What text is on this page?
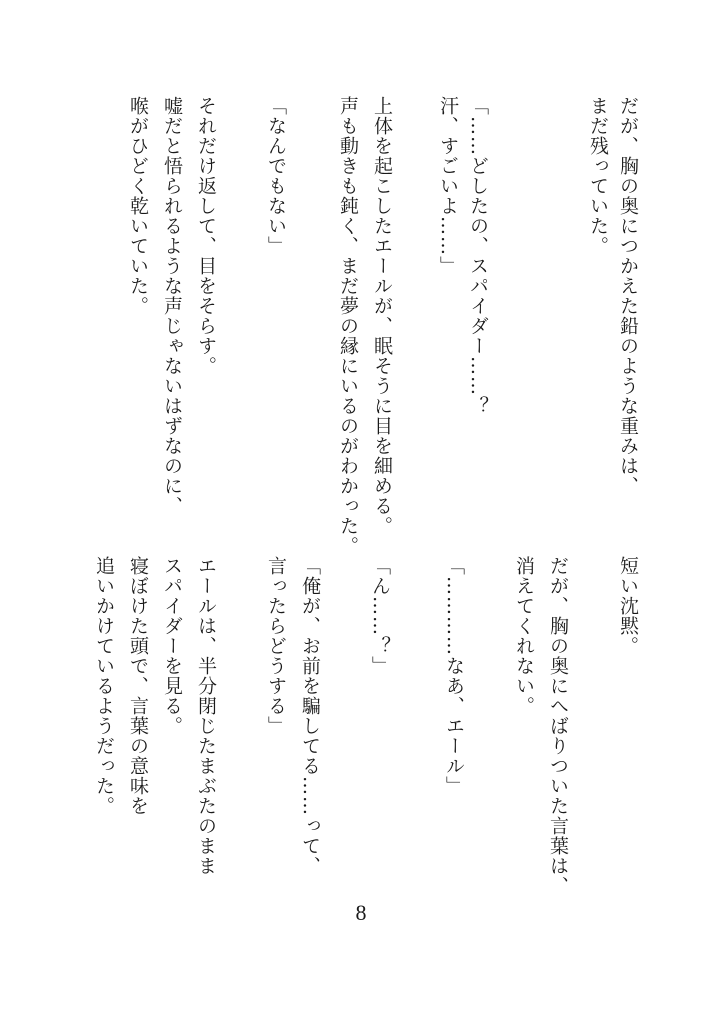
だが、胸の奥につかえた鉛のような重みは、

まだ残っていた。

「……どしたの、スパイダー……？

汗、すごいよ……」

上体を起こしたエールが、眠そうに目を細める。

声も動きも鈍く、まだ夢の縁にいるのがわかった。

「なんでもない」

それだけ返して、目をそらす。

嘘だと悟られるような声じゃないはずなのに、

喉がひどく乾いていた。

短い沈黙。

だが、胸の奥にへばりついた言葉は、

消えてくれない。

「…………なあ、エール」

「ん……？」

「俺が、お前を騙してる……って、

言ったらどうする」

エールは、半分閉じたまぶたのまま

スパイダーを見る。

寝ぼけた頭で、言葉の意味を

追いかけているようだった。

8
